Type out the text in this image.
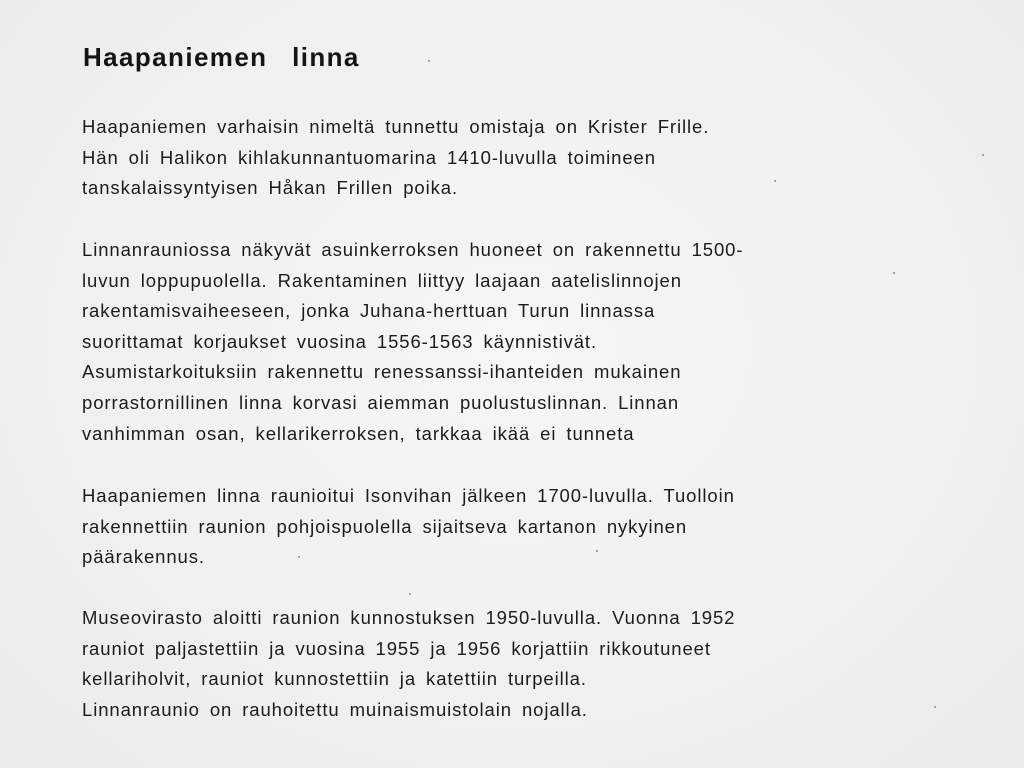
Haapaniemen linna

Haapaniemen varhaisin nimeltä tunnettu omistaja on Krister Frille.
Hän oli Halikon kihlakunnantuomarina 1410-luvulla toimineen
tanskalaissyntyisen Håkan Frillen poika.

Linnanrauniossa näkyvät asuinkerroksen huoneet on rakennettu 1500-
luvun loppupuolella. Rakentaminen liittyy laajaan aatelislinnojen
rakentamisvaiheeseen, jonka Juhana-herttuan Turun linnassa
suorittamat korjaukset vuosina 1556-1563 käynnistivät.
Asumistarkoituksiin rakennettu renessanssi-ihanteiden mukainen
porrastornillinen linna korvasi aiemman puolustuslinnan. Linnan
vanhimman osan, kellarikerroksen, tarkkaa ikää ei tunneta

Haapaniemen linna raunioitui Isonvihan jälkeen 1700-luvulla. Tuolloin
rakennettiin raunion pohjoispuolella sijaitseva kartanon nykyinen
päärakennus.

Museovirasto aloitti raunion kunnostuksen 1950-luvulla. Vuonna 1952
rauniot paljastettiin ja vuosina 1955 ja 1956 korjattiin rikkoutuneet
kellariholvit, rauniot kunnostettiin ja katettiin turpeilla.
Linnanraunio on rauhoitettu muinaismuistolain nojalla.
